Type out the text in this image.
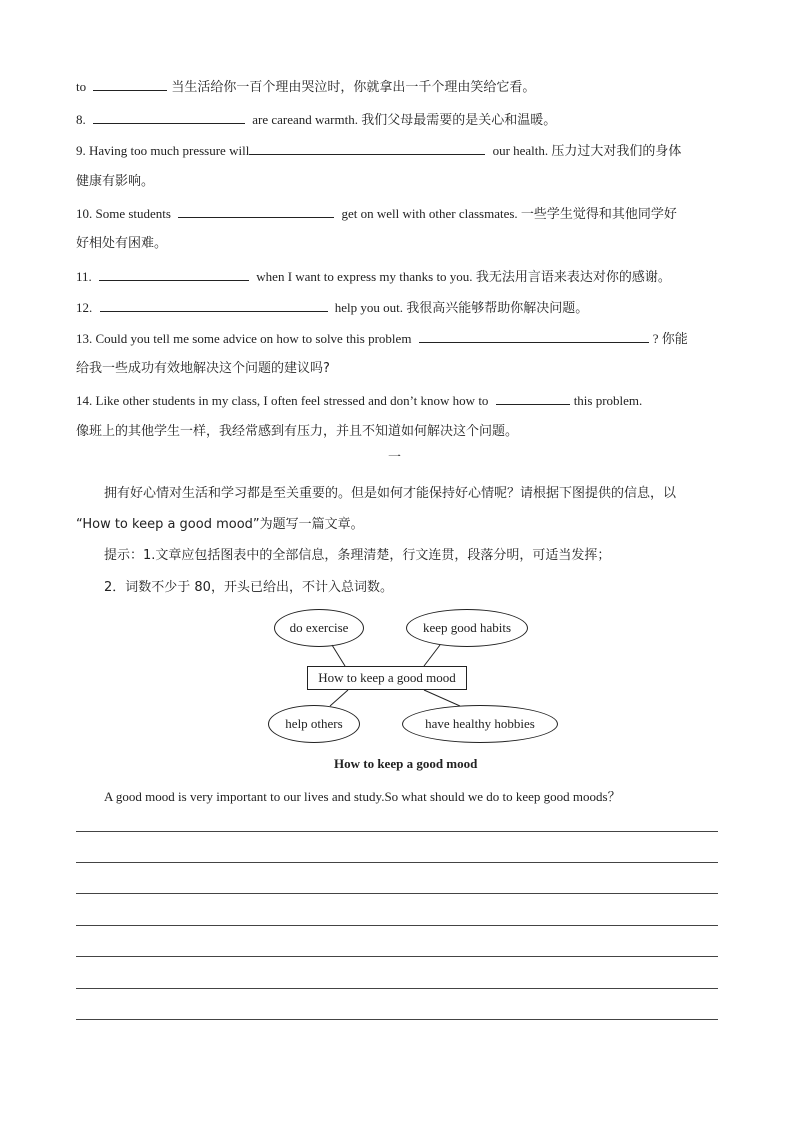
to	当生活给你一百个理由哭泣时，你就拿出一千个理由笑给它看。
8.	are careand warmth. 我们父母最需要的是关心和温暖。
9. Having too much pressure will	our health. 压力过大对我们的身体
健康有影响。
10. Some students	get on well with other classmates. 一些学生觉得和其他同学好
好相处有困难。
11.	when I want to express my thanks to you. 我无法用言语来表达对你的感谢。
12.	help you out. 我很高兴能够帮助你解决问题。
13. Could you tell me some advice on how to solve this problem	? 你能
给我一些成功有效地解决这个问题的建议吗?
14. Like other students in my class, I often feel stressed and don’t know how to	this problem.
像班上的其他学生一样，我经常感到有压力，并且不知道如何解决这个问题。
一
拥有好心情对生活和学习都是至关重要的。但是如何才能保持好心情呢？请根据下图提供的信息，以
“How to keep a good mood”为题写一篇文章。
提示：1.文章应包括图表中的全部信息，条理清楚，行文连贯，段落分明，可适当发挥；
2．词数不少于 80，开头已给出，不计入总词数。
do exercise	keep good habits
How to keep a good mood
help others	have healthy hobbies
How to keep a good mood
A good mood is very important to our lives and study.So what should we do to keep good moods？
